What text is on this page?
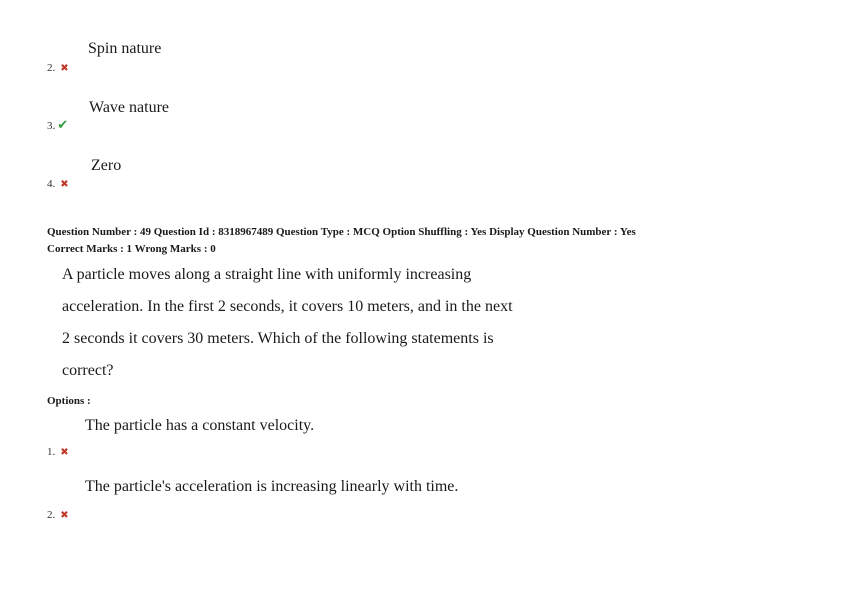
Spin nature
2. ✖
Wave nature
3. ✔
Zero
4. ✖
Question Number : 49 Question Id : 8318967489 Question Type : MCQ Option Shuffling : Yes Display Question Number : Yes
Correct Marks : 1 Wrong Marks : 0
A particle moves along a straight line with uniformly increasing
acceleration. In the first 2 seconds, it covers 10 meters, and in the next
2 seconds it covers 30 meters. Which of the following statements is
correct?
Options :
The particle has a constant velocity.
1. ✖
The particle's acceleration is increasing linearly with time.
2. ✖
